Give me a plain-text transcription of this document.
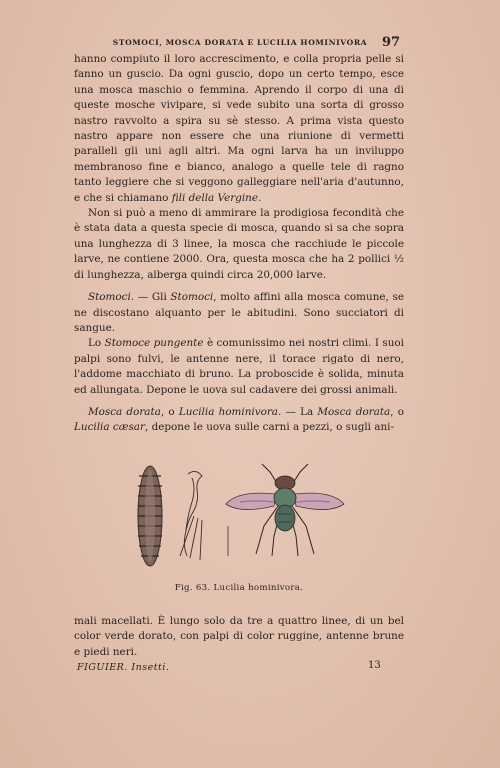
STOMOCI, MOSCA DORATA E LUCILIA HOMINIVORA	97

hanno compiuto il loro accrescimento, e colla propria pelle si fanno un guscio. Da ogni guscio, dopo un certo tempo, esce una mosca maschio o femmina. Aprendo il corpo di una di queste mosche vivipare, si vede subito una sorta di grosso nastro ravvolto a spira su sè stesso. A prima vista questo nastro appare non essere che una riunione di vermetti paralleli gli uni agli altri. Ma ogni larva ha un inviluppo membranoso fine e bianco, analogo a quelle tele di ragno tanto leggiere che si veggono galleggiare nell'aria d'autunno, e che si chiamano fili della Vergine.

Non si può a meno di ammirare la prodigiosa fecondità che è stata data a questa specie di mosca, quando si sa che sopra una lunghezza di 3 linee, la mosca che racchiude le piccole larve, ne contiene 2000. Ora, questa mosca che ha 2 pollici ½ di lunghezza, alberga quindi circa 20,000 larve.

Stomoci. — Gli Stomoci, molto affini alla mosca comune, se ne discostano alquanto per le abitudini. Sono succiatori di sangue.

Lo Stomoce pungente è comunissimo nei nostri climi. I suoi palpi sono fulvi, le antenne nere, il torace rigato di nero, l'addome macchiato di bruno. La proboscide è solida, minuta ed allungata. Depone le uova sul cadavere dei grossi animali.

Mosca dorata, o Lucilia hominivora. — La Mosca dorata, o Lucilia cæsar, depone le uova sulle carni a pezzi, o sugli ani-

Fig. 63. Lucilia hominivora.

mali macellati. È lungo solo da tre a quattro linee, di un bel color verde dorato, con palpi di color ruggine, antenne brune e piedi neri.

FIGUIER. Insetti.	13
